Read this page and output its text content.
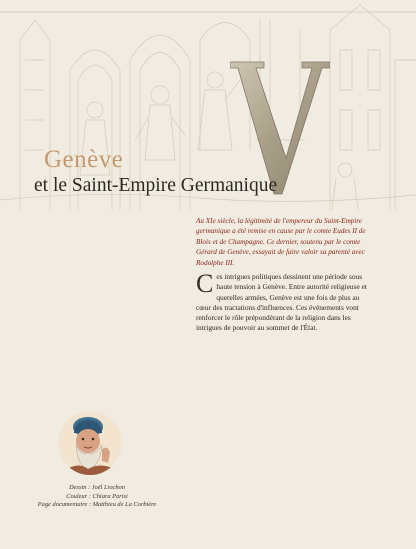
Genève
et le Saint-Empire Germanique

Au XIe siècle, la légitimité de l'empereur du Saint-Empire germanique a été remise en cause par le comte Eudes II de Blois et de Champagne. Ce dernier, soutenu par le comte Gérard de Genève, essayait de faire valoir sa parenté avec Rodolphe III.

Ces intrigues politiques dessinent une période sous haute tension à Genève. Entre autorité religieuse et querelles armées, Genève est une fois de plus au cœur des tractations d'influences. Ces événements vont renforcer le rôle prépondérant de la religion dans les intrigues de pouvoir au sommet de l'État.

Dessin : Joël Liochon
Couleur : Chiara Parisi
Page documentaire : Matthieu de La Corbière
